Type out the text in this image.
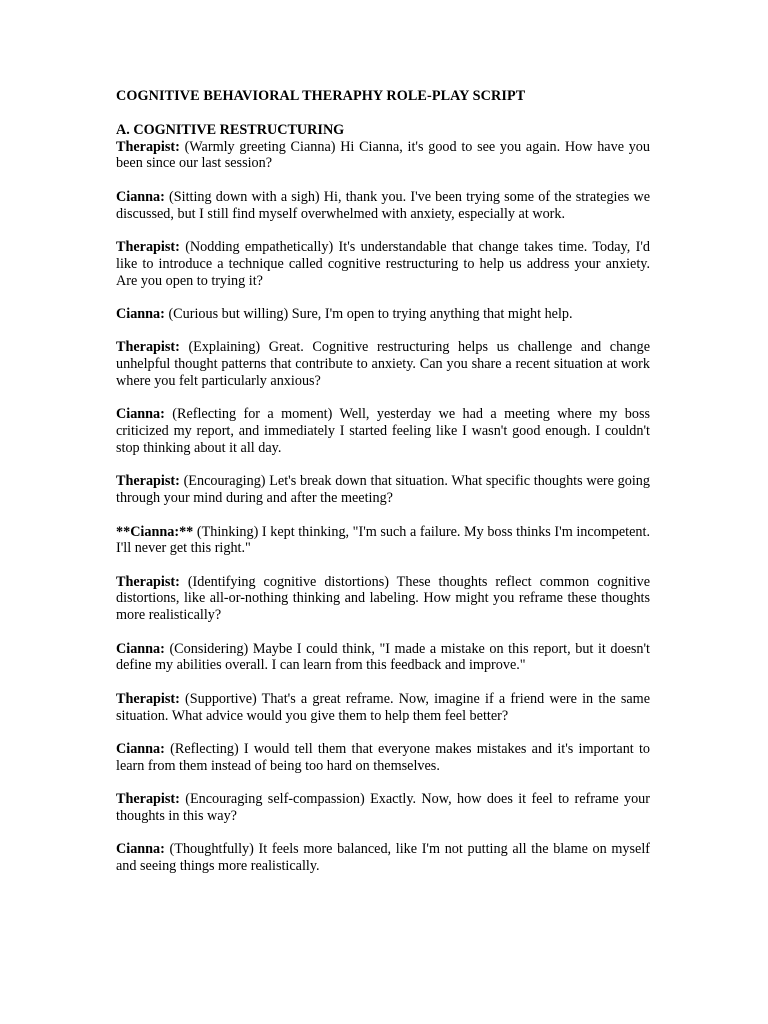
COGNITIVE BEHAVIORAL THERAPHY ROLE-PLAY SCRIPT

A. COGNITIVE RESTRUCTURING

Therapist: (Warmly greeting Cianna) Hi Cianna, it's good to see you again. How have you been since our last session?

Cianna: (Sitting down with a sigh) Hi, thank you. I've been trying some of the strategies we discussed, but I still find myself overwhelmed with anxiety, especially at work.

Therapist: (Nodding empathetically) It's understandable that change takes time. Today, I'd like to introduce a technique called cognitive restructuring to help us address your anxiety. Are you open to trying it?

Cianna: (Curious but willing) Sure, I'm open to trying anything that might help.

Therapist: (Explaining) Great. Cognitive restructuring helps us challenge and change unhelpful thought patterns that contribute to anxiety. Can you share a recent situation at work where you felt particularly anxious?

Cianna: (Reflecting for a moment) Well, yesterday we had a meeting where my boss criticized my report, and immediately I started feeling like I wasn't good enough. I couldn't stop thinking about it all day.

Therapist: (Encouraging) Let's break down that situation. What specific thoughts were going through your mind during and after the meeting?

**Cianna:** (Thinking) I kept thinking, "I'm such a failure. My boss thinks I'm incompetent. I'll never get this right."

Therapist: (Identifying cognitive distortions) These thoughts reflect common cognitive distortions, like all-or-nothing thinking and labeling. How might you reframe these thoughts more realistically?

Cianna: (Considering) Maybe I could think, "I made a mistake on this report, but it doesn't define my abilities overall. I can learn from this feedback and improve."

Therapist: (Supportive) That's a great reframe. Now, imagine if a friend were in the same situation. What advice would you give them to help them feel better?

Cianna: (Reflecting) I would tell them that everyone makes mistakes and it's important to learn from them instead of being too hard on themselves.

Therapist: (Encouraging self-compassion) Exactly. Now, how does it feel to reframe your thoughts in this way?

Cianna: (Thoughtfully) It feels more balanced, like I'm not putting all the blame on myself and seeing things more realistically.
